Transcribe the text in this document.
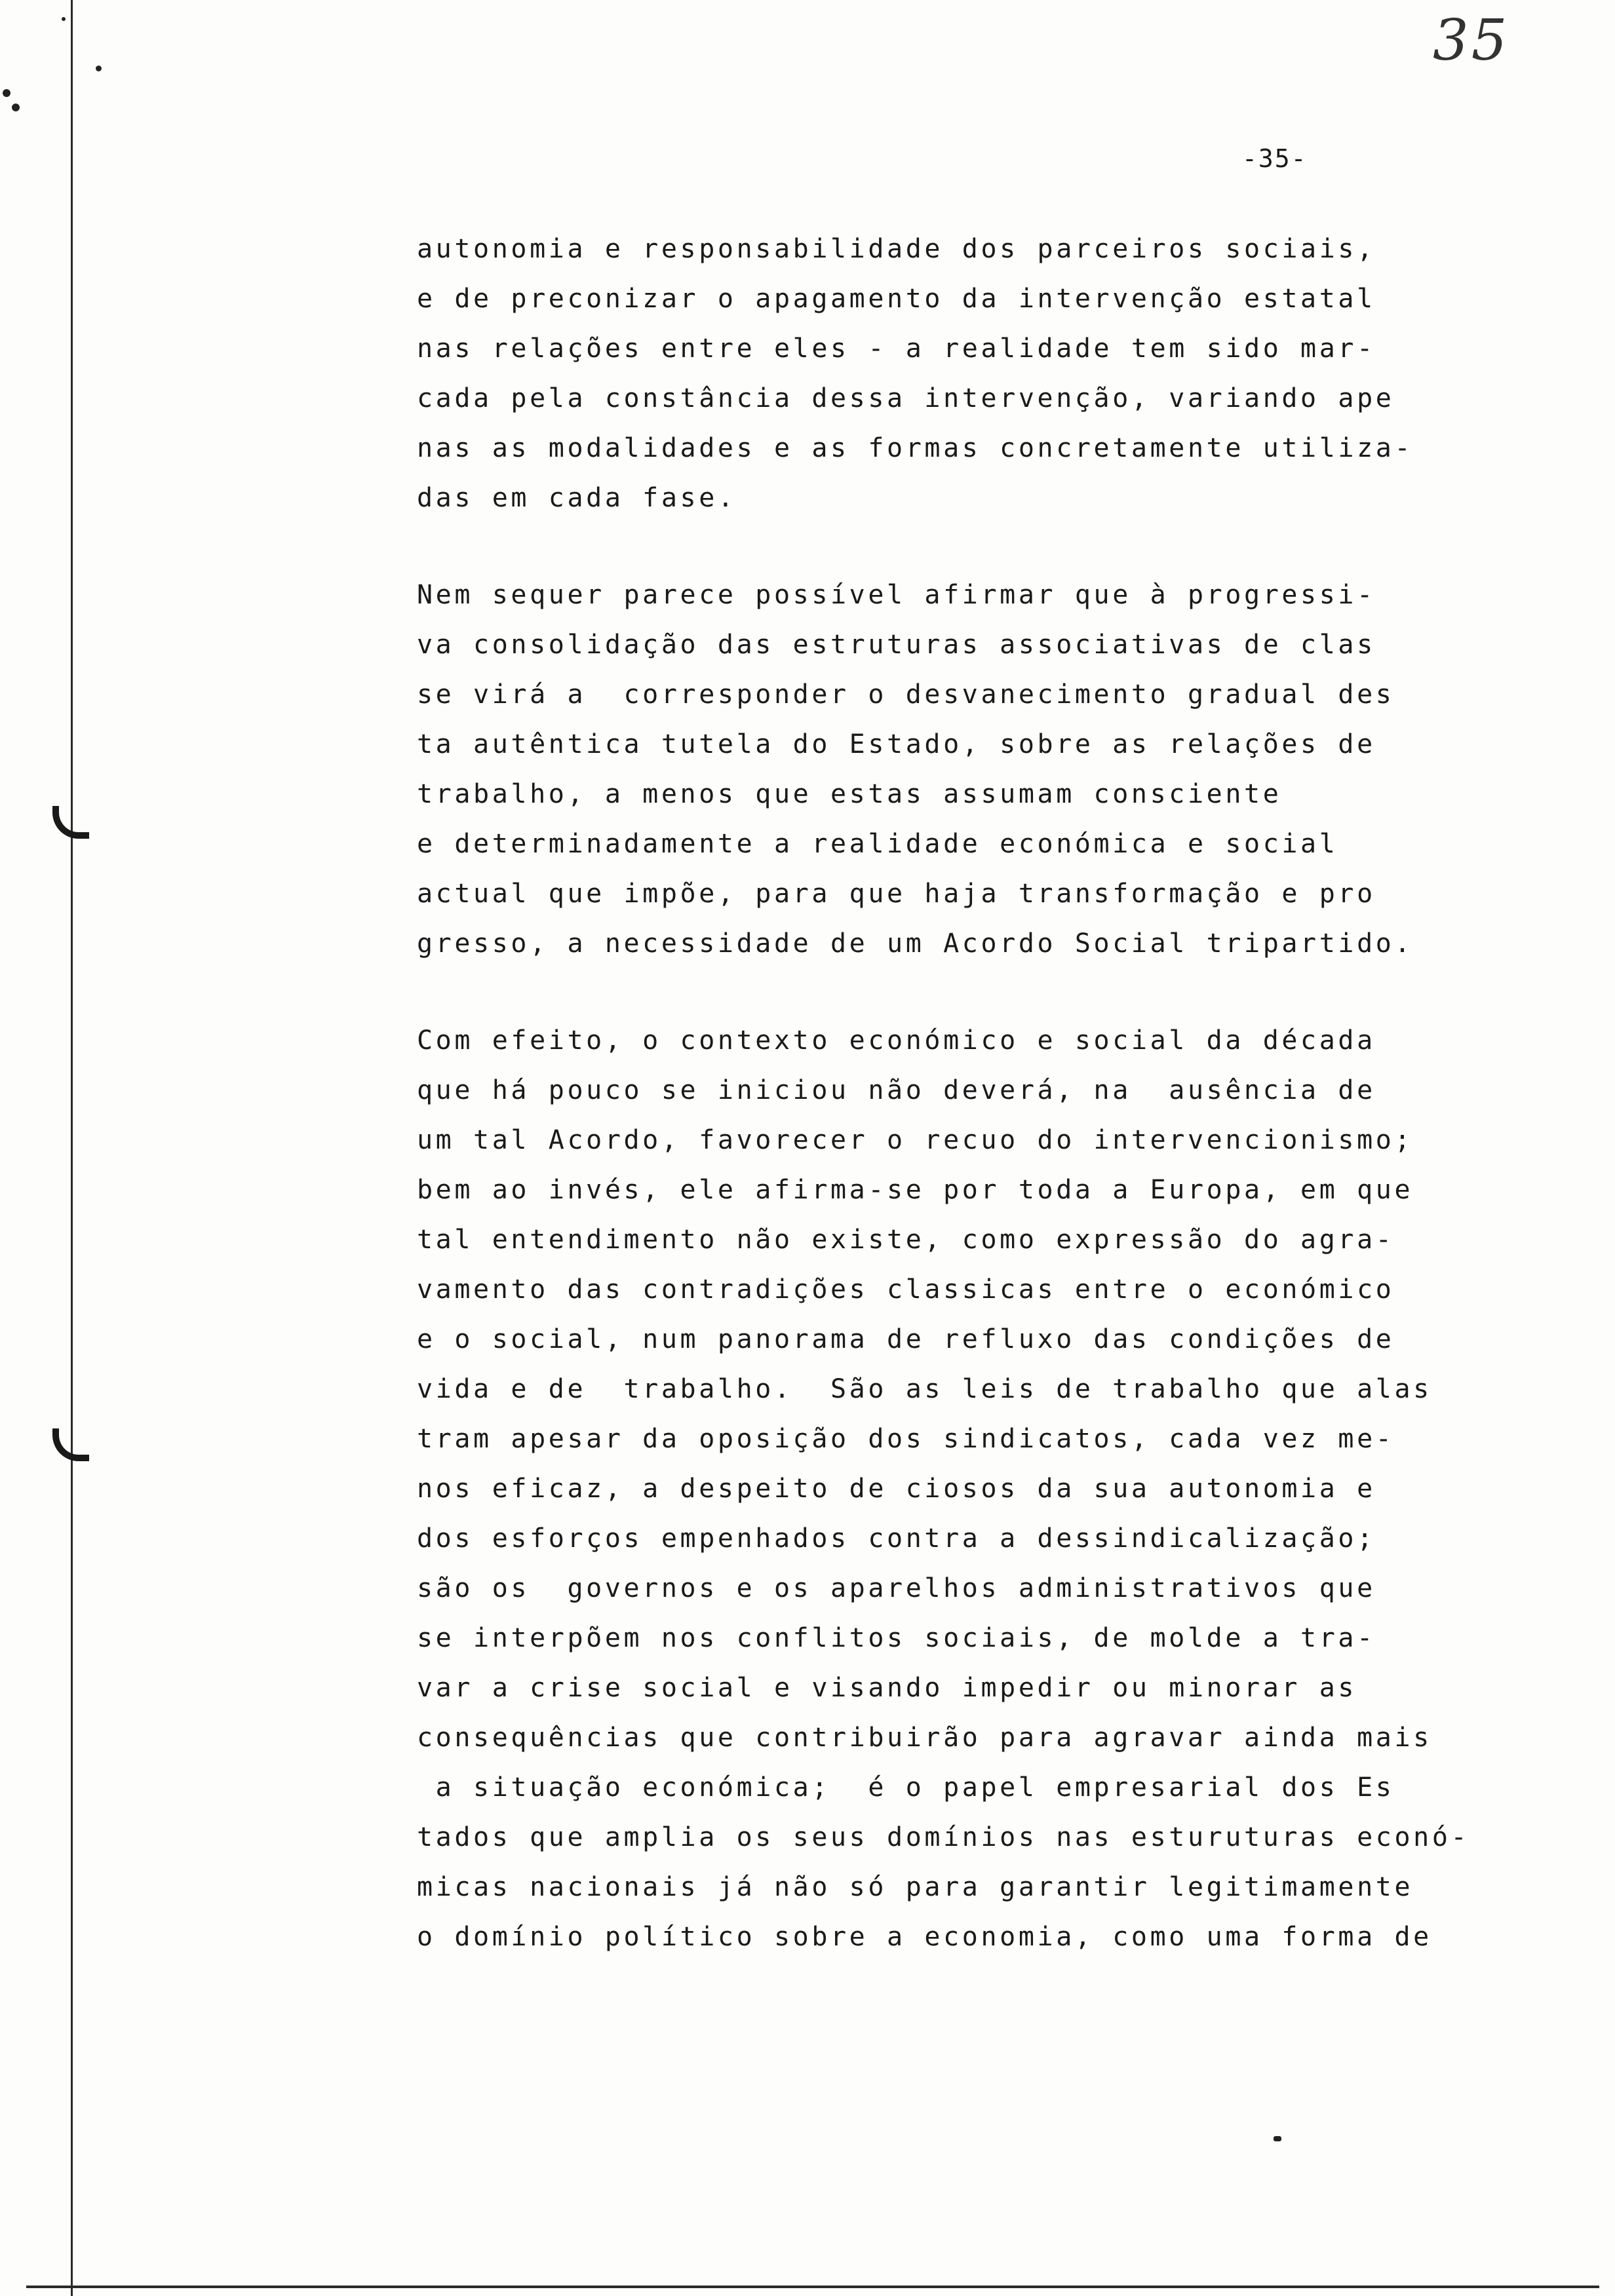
35
-35-
autonomia e responsabilidade dos parceiros sociais,
e de preconizar o apagamento da intervenção estatal
nas relações entre eles - a realidade tem sido mar-
cada pela constância dessa intervenção, variando ape
nas as modalidades e as formas concretamente utiliza-
das em cada fase.
Nem sequer parece possível afirmar que à progressi-
va consolidação das estruturas associativas de clas
se virá a  corresponder o desvanecimento gradual des
ta autêntica tutela do Estado, sobre as relações de
trabalho, a menos que estas assumam consciente
e determinadamente a realidade económica e social
actual que impõe, para que haja transformação e pro
gresso, a necessidade de um Acordo Social tripartido.
Com efeito, o contexto económico e social da década
que há pouco se iniciou não deverá, na  ausência de
um tal Acordo, favorecer o recuo do intervencionismo;
bem ao invés, ele afirma-se por toda a Europa, em que
tal entendimento não existe, como expressão do agra-
vamento das contradições classicas entre o económico
e o social, num panorama de refluxo das condições de
vida e de  trabalho.  São as leis de trabalho que alas
tram apesar da oposição dos sindicatos, cada vez me-
nos eficaz, a despeito de ciosos da sua autonomia e
dos esforços empenhados contra a dessindicalização;
são os  governos e os aparelhos administrativos que
se interpõem nos conflitos sociais, de molde a tra-
var a crise social e visando impedir ou minorar as
consequências que contribuirão para agravar ainda mais
a situação económica;  é o papel empresarial dos Es
tados que amplia os seus domínios nas esturuturas econó-
micas nacionais já não só para garantir legitimamente
o domínio político sobre a economia, como uma forma de
